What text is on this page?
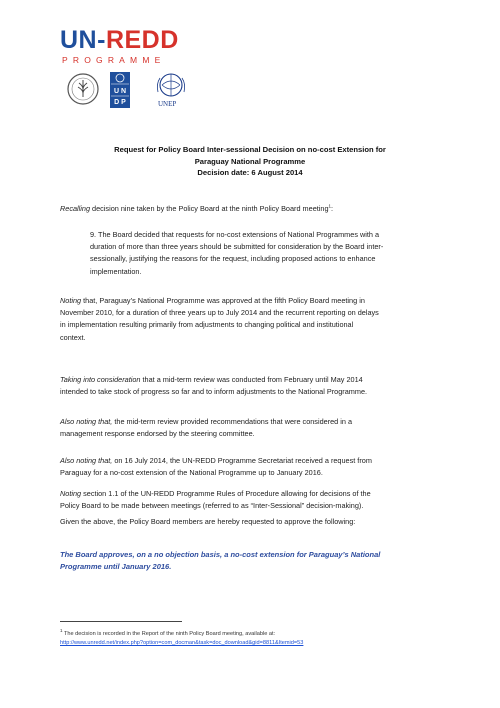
UN-REDD
PROGRAMME
U N
D P	UNEP
Request for Policy Board Inter-sessional Decision on no-cost Extension for
Paraguay National Programme
Decision date: 6 August 2014
Recalling decision nine taken by the Policy Board at the ninth Policy Board meeting$^1$:
9. The Board decided that requests for no-cost extensions of National Programmes with a
duration of more than three years should be submitted for consideration by the Board inter-
sessionally, justifying the reasons for the request, including proposed actions to enhance
implementation.
Noting that, Paraguay’s National Programme was approved at the fifth Policy Board meeting in
November 2010, for a duration of three years up to July 2014 and the recurrent reporting on delays
in implementation resulting primarily from adjustments to changing political and institutional
context.
Taking into consideration that a mid-term review was conducted from February until May 2014
intended to take stock of progress so far and to inform adjustments to the National Programme.
Also noting that, the mid-term review provided recommendations that were considered in a
management response endorsed by the steering committee.
Also noting that, on 16 July 2014, the UN-REDD Programme Secretariat received a request from
Paraguay for a no-cost extension of the National Programme up to January 2016.
Noting section 1.1 of the UN-REDD Programme Rules of Procedure allowing for decisions of the
Policy Board to be made between meetings (referred to as “Inter-Sessional” decision-making).
Given the above, the Policy Board members are hereby requested to approve the following:
The Board approves, on a no objection basis, a no-cost extension for Paraguay’s National
Programme until January 2016.
$^1$ The decision is recorded in the Report of the ninth Policy Board meeting, available at:
http://www.unredd.net/index.php?option=com_docman&task=doc_download&gid=8811&Itemid=53
